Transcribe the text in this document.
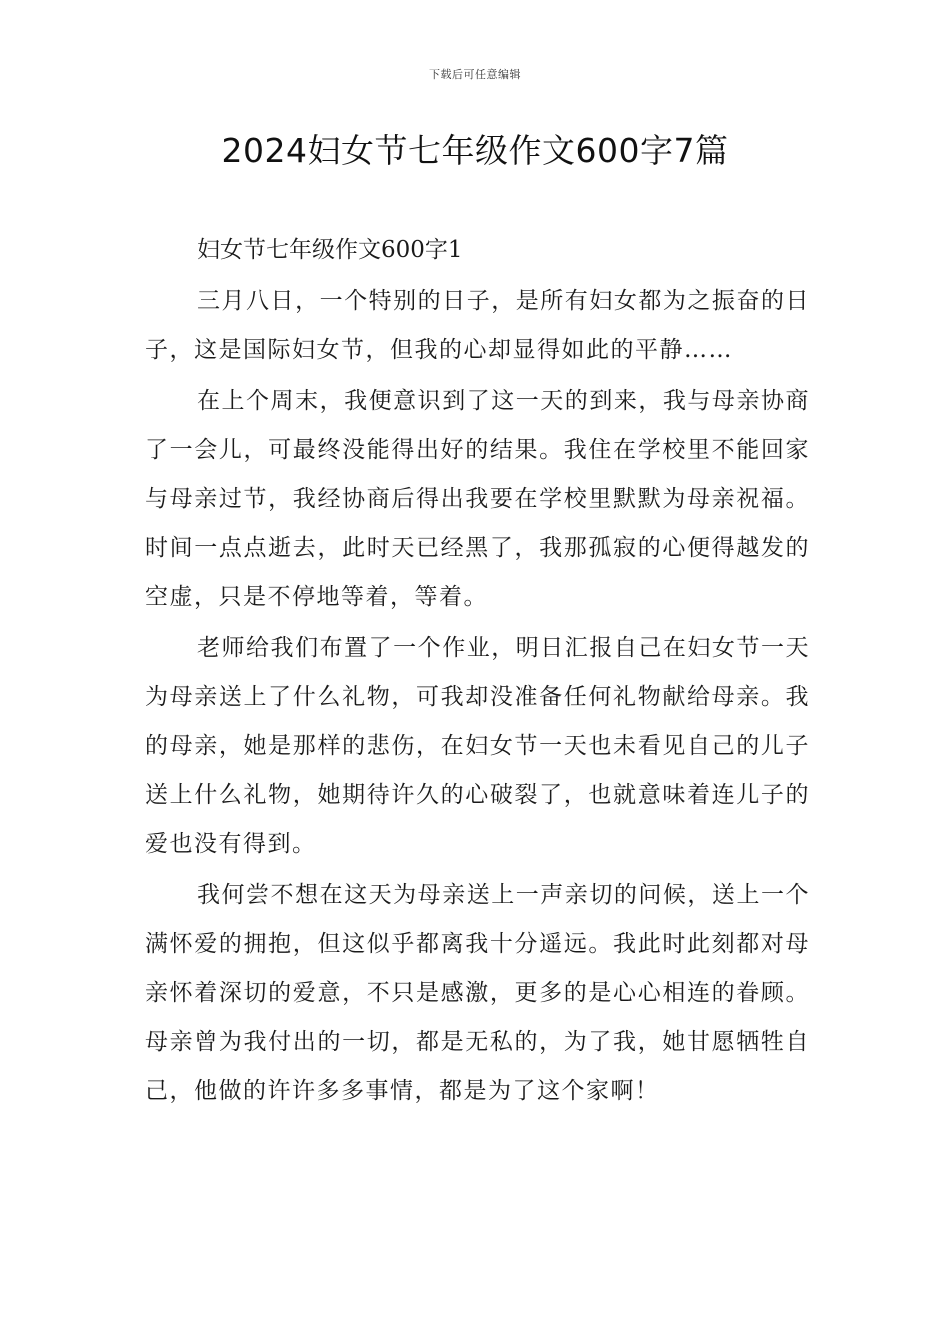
下载后可任意编辑
2024妇女节七年级作文600字7篇

妇女节七年级作文600字1

三月八日，一个特别的日子，是所有妇女都为之振奋的日子，这是国际妇女节，但我的心却显得如此的平静……

在上个周末，我便意识到了这一天的到来，我与母亲协商了一会儿，可最终没能得出好的结果。我住在学校里不能回家与母亲过节，我经协商后得出我要在学校里默默为母亲祝福。时间一点点逝去，此时天已经黑了，我那孤寂的心便得越发的空虚，只是不停地等着，等着。

老师给我们布置了一个作业，明日汇报自己在妇女节一天为母亲送上了什么礼物，可我却没准备任何礼物献给母亲。我的母亲，她是那样的悲伤，在妇女节一天也未看见自己的儿子送上什么礼物，她期待许久的心破裂了，也就意味着连儿子的爱也没有得到。

我何尝不想在这天为母亲送上一声亲切的问候，送上一个满怀爱的拥抱，但这似乎都离我十分遥远。我此时此刻都对母亲怀着深切的爱意，不只是感激，更多的是心心相连的眷顾。母亲曾为我付出的一切，都是无私的，为了我，她甘愿牺牲自己，他做的许许多多事情，都是为了这个家啊！
